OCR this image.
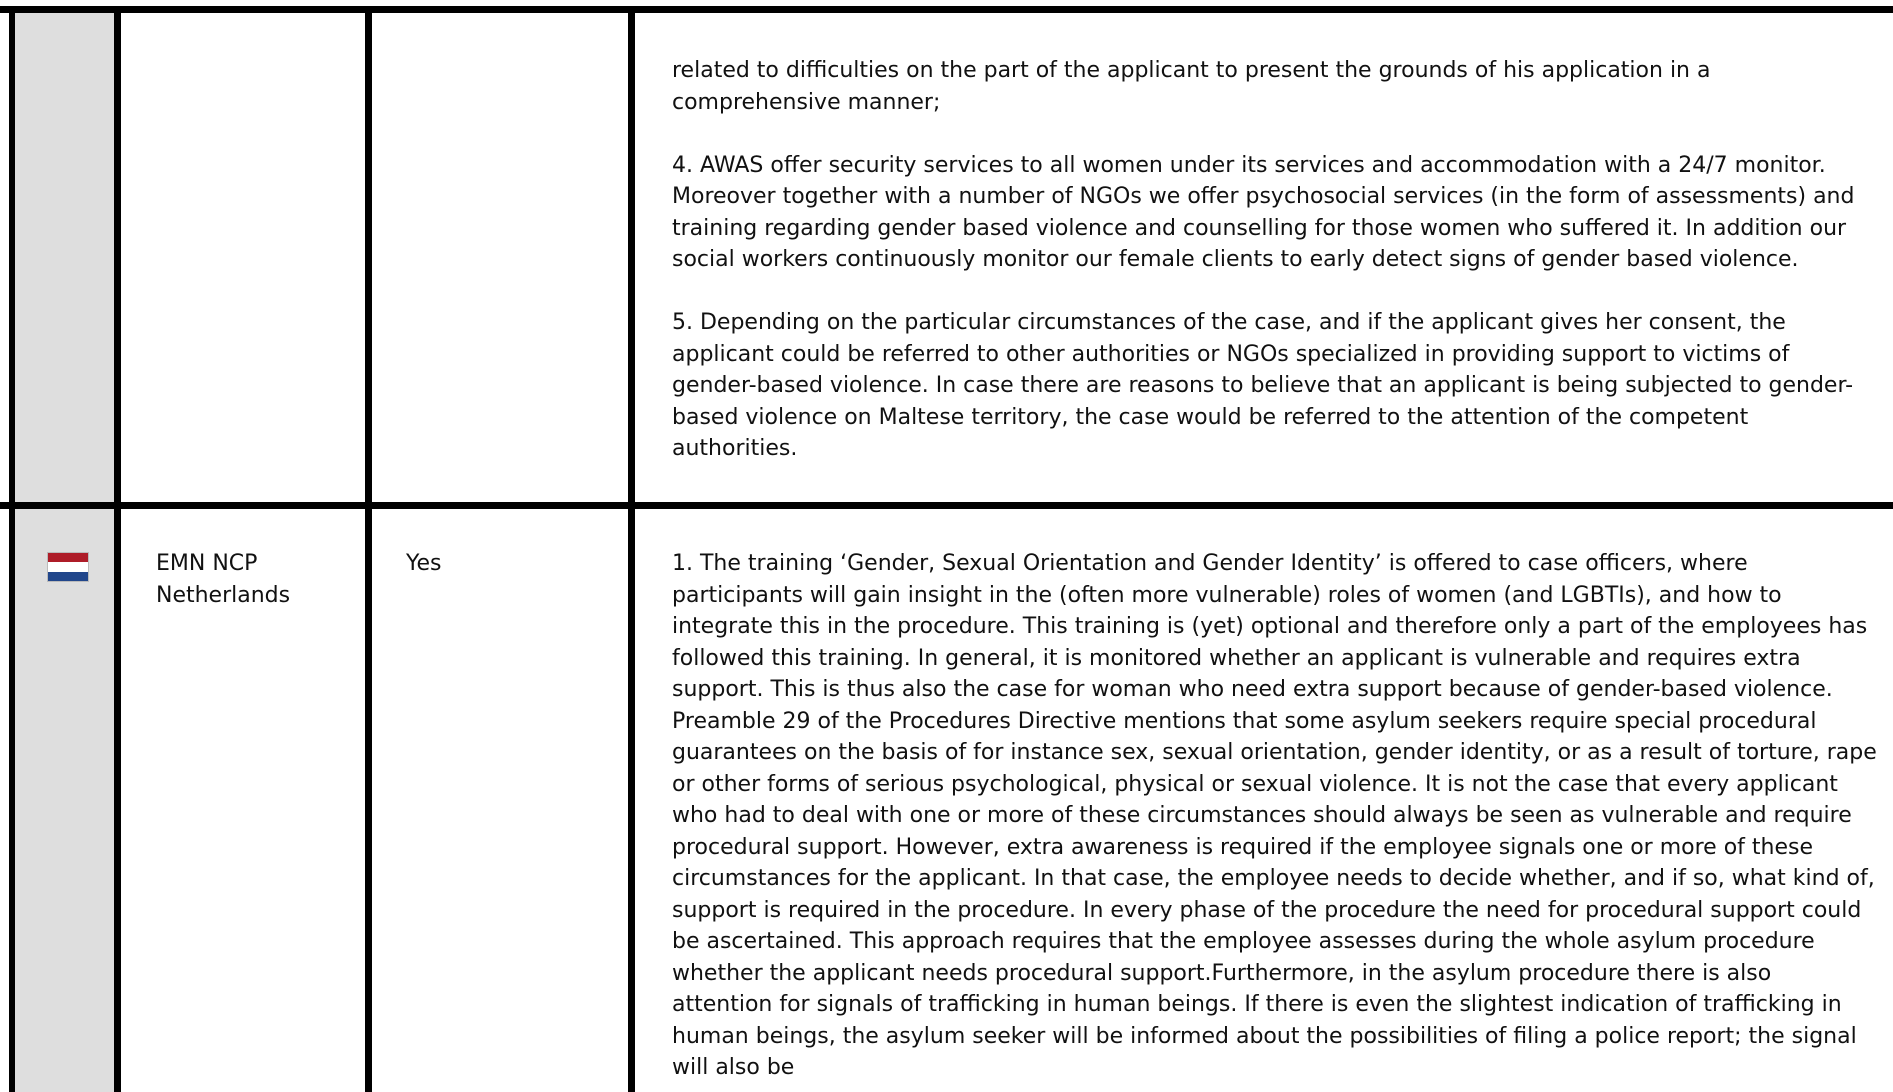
related to difficulties on the part of the applicant to present the grounds of his application in a comprehensive manner;

4. AWAS offer security services to all women under its services and accommodation with a 24/7 monitor. Moreover together with a number of NGOs we offer psychosocial services (in the form of assessments) and training regarding gender based violence and counselling for those women who suffered it. In addition our social workers continuously monitor our female clients to early detect signs of gender based violence.

5. Depending on the particular circumstances of the case, and if the applicant gives her consent, the applicant could be referred to other authorities or NGOs specialized in providing support to victims of gender-based violence. In case there are reasons to believe that an applicant is being subjected to gender-based violence on Maltese territory, the case would be referred to the attention of the competent authorities.

EMN NCP
Netherlands
Yes	1. The training ‘Gender, Sexual Orientation and Gender Identity’ is offered to case officers, where participants will gain insight in the (often more vulnerable) roles of women (and LGBTIs), and how to integrate this in the procedure. This training is (yet) optional and therefore only a part of the employees has followed this training. In general, it is monitored whether an applicant is vulnerable and requires extra support. This is thus also the case for woman who need extra support because of gender-based violence. Preamble 29 of the Procedures Directive mentions that some asylum seekers require special procedural guarantees on the basis of for instance sex, sexual orientation, gender identity, or as a result of torture, rape or other forms of serious psychological, physical or sexual violence. It is not the case that every applicant who had to deal with one or more of these circumstances should always be seen as vulnerable and require procedural support. However, extra awareness is required if the employee signals one or more of these circumstances for the applicant. In that case, the employee needs to decide whether, and if so, what kind of, support is required in the procedure. In every phase of the procedure the need for procedural support could be ascertained. This approach requires that the employee assesses during the whole asylum procedure whether the applicant needs procedural support.Furthermore, in the asylum procedure there is also attention for signals of trafficking in human beings. If there is even the slightest indication of trafficking in human beings, the asylum seeker will be informed about the possibilities of filing a police report; the signal will also be
